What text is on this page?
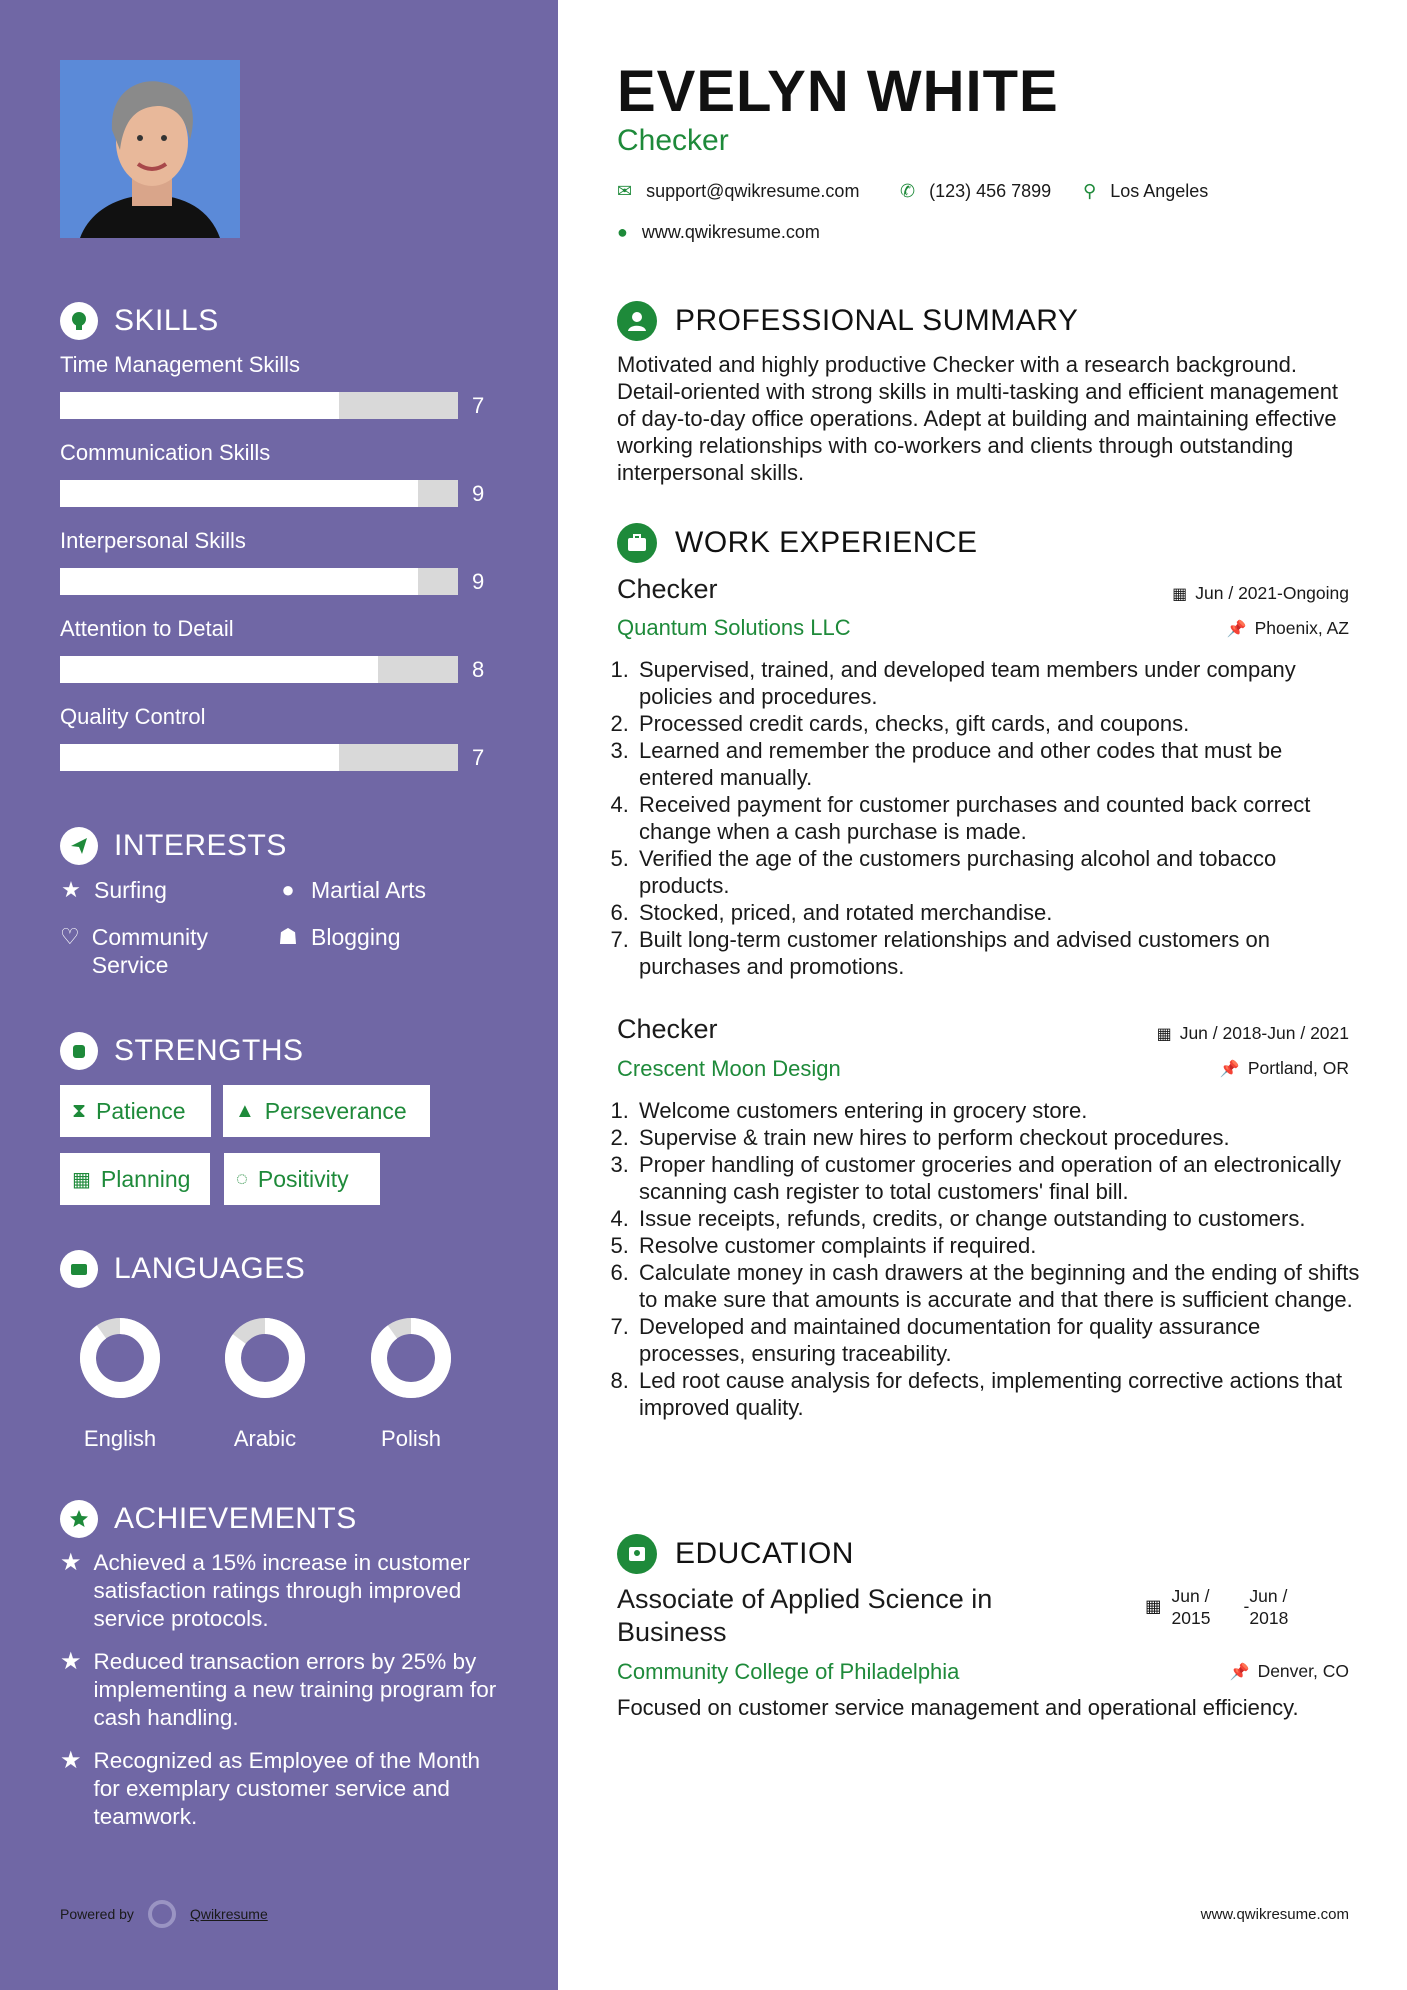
SKILLS
Time Management Skills
7
Communication Skills
9
Interpersonal Skills
9
Attention to Detail
8
Quality Control
7
INTERESTS
★ Surfing	● Martial Arts
♡ Community Service
☗ Blogging
STRENGTHS
⧗ Patience ▲ Perseverance
▦ Planning ◌ Positivity
LANGUAGES
English	Arabic	Polish
ACHIEVEMENTS
★ Achieved a 15% increase in customer satisfaction ratings through improved service protocols.
★ Reduced transaction errors by 25% by implementing a new training program for cash handling.
★ Recognized as Employee of the Month for exemplary customer service and teamwork.
Powered by	Qwikresume
EVELYN WHITE
Checker
✉ support@qwikresume.com ✆ (123) 456 7899 ⚲ Los Angeles
● www.qwikresume.com
PROFESSIONAL SUMMARY
Motivated and highly productive Checker with a research background. Detail-oriented with strong skills in multi-tasking and efficient management of day-to-day office operations. Adept at building and maintaining effective working relationships with co-workers and clients through outstanding interpersonal skills.
WORK EXPERIENCE
Checker	▦ Jun / 2021-Ongoing
Quantum Solutions LLC	📌 Phoenix, AZ
1. Supervised, trained, and developed team members under company policies and procedures.
2. Processed credit cards, checks, gift cards, and coupons.
3. Learned and remember the produce and other codes that must be entered manually.
4. Received payment for customer purchases and counted back correct change when a cash purchase is made.
5. Verified the age of the customers purchasing alcohol and tobacco products.
6. Stocked, priced, and rotated merchandise.
7. Built long-term customer relationships and advised customers on purchases and promotions.
Checker	▦ Jun / 2018-Jun / 2021
Crescent Moon Design	📌 Portland, OR
1. Welcome customers entering in grocery store.
2. Supervise & train new hires to perform checkout procedures.
3. Proper handling of customer groceries and operation of an electronically scanning cash register to total customers' final bill.
4. Issue receipts, refunds, credits, or change outstanding to customers.
5. Resolve customer complaints if required.
6. Calculate money in cash drawers at the beginning and the ending of shifts to make sure that amounts is accurate and that there is sufficient change.
7. Developed and maintained documentation for quality assurance processes, ensuring traceability.
8. Led root cause analysis for defects, implementing corrective actions that improved quality.
EDUCATION
Associate of Applied Science in Business
▦ Jun / 2015
- Jun / 2018
Community College of Philadelphia	📌 Denver, CO
Focused on customer service management and operational efficiency.
www.qwikresume.com
